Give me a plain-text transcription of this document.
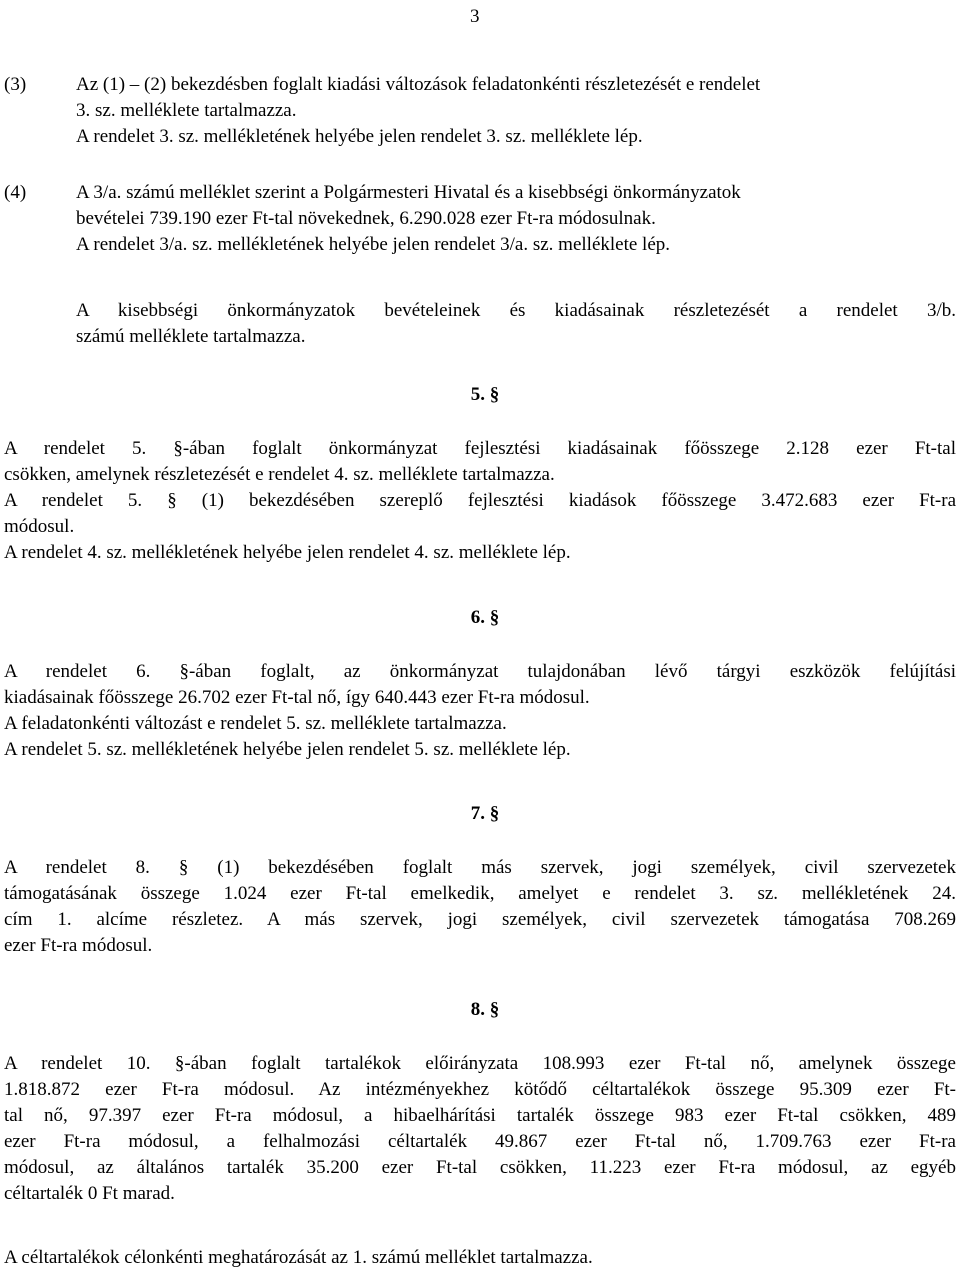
3
(3)	Az (1) – (2) bekezdésben foglalt kiadási változások feladatonkénti részletezését e rendelet
3. sz. melléklete tartalmazza.
A rendelet 3. sz. mellékletének helyébe jelen rendelet 3. sz. melléklete lép.
(4)	A 3/a. számú melléklet szerint a Polgármesteri Hivatal és a kisebbségi önkormányzatok
bevételei 739.190 ezer Ft-tal növekednek, 6.290.028 ezer Ft-ra módosulnak.
A rendelet 3/a. sz. mellékletének helyébe jelen rendelet 3/a. sz. melléklete lép.
A kisebbségi önkormányzatok bevételeinek és kiadásainak részletezését a rendelet 3/b.
számú melléklete tartalmazza.
5. §
A rendelet 5. §-ában foglalt önkormányzat fejlesztési kiadásainak főösszege 2.128 ezer Ft-tal
csökken, amelynek részletezését e rendelet 4. sz. melléklete tartalmazza.
A rendelet 5. § (1) bekezdésében szereplő fejlesztési kiadások főösszege 3.472.683 ezer Ft-ra
módosul.
A rendelet 4. sz. mellékletének helyébe jelen rendelet 4. sz. melléklete lép.
6. §
A rendelet 6. §-ában foglalt, az önkormányzat tulajdonában lévő tárgyi eszközök felújítási
kiadásainak főösszege 26.702 ezer Ft-tal nő, így 640.443 ezer Ft-ra módosul.
A feladatonkénti változást e rendelet 5. sz. melléklete tartalmazza.
A rendelet 5. sz. mellékletének helyébe jelen rendelet 5. sz. melléklete lép.
7. §
A rendelet 8. § (1) bekezdésében foglalt más szervek, jogi személyek, civil szervezetek
támogatásának összege 1.024 ezer Ft-tal emelkedik, amelyet e rendelet 3. sz. mellékletének 24.
cím 1. alcíme részletez. A más szervek, jogi személyek, civil szervezetek támogatása 708.269
ezer Ft-ra módosul.
8. §
A rendelet 10. §-ában foglalt tartalékok előirányzata 108.993 ezer Ft-tal nő, amelynek összege
1.818.872 ezer Ft-ra módosul. Az intézményekhez kötődő céltartalékok összege 95.309 ezer Ft-
tal nő, 97.397 ezer Ft-ra módosul, a hibaelhárítási tartalék összege 983 ezer Ft-tal csökken, 489
ezer Ft-ra módosul, a felhalmozási céltartalék 49.867 ezer Ft-tal nő, 1.709.763 ezer Ft-ra
módosul, az általános tartalék 35.200 ezer Ft-tal csökken, 11.223 ezer Ft-ra módosul, az egyéb
céltartalék 0 Ft marad.
A céltartalékok célonkénti meghatározását az 1. számú melléklet tartalmazza.
